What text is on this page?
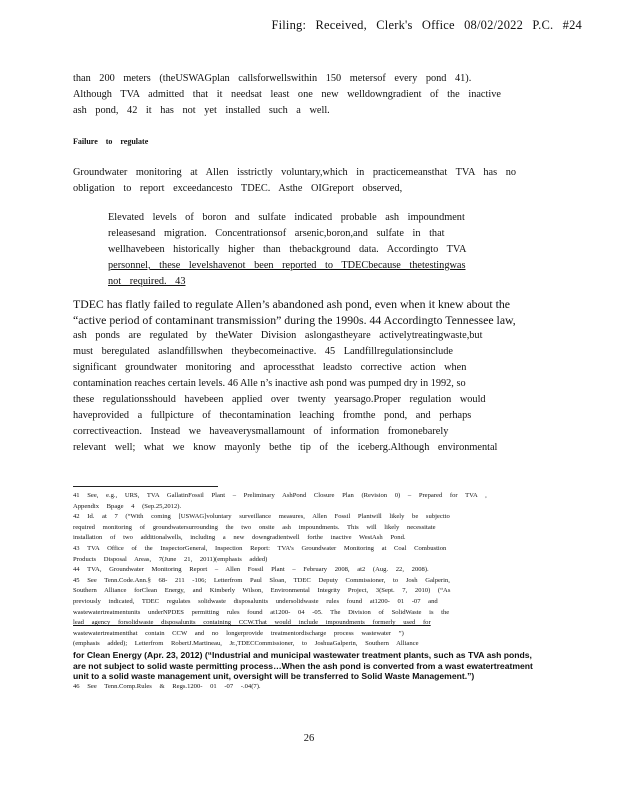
Filing: Received, Clerk's Office 08/02/2022 P.C. #24
than 200 meters (theUSWAGplan callsforwellswithin 150 metersof every pond 41).
Although TVA admitted that it needsat least one new welldowngradient of the inactive
ash pond, 42 it has not yet installed such a well.
Failure to regulate
Groundwater monitoring at Allen isstrictly voluntary,which in practicemeansthat TVA has no
obligation to report exceedancesto TDEC. Asthe OIGreport observed,
Elevated levels of boron and sulfate indicated probable ash impoundment
releasesand migration. Concentrationsof arsenic,boron,and sulfate in that
wellhavebeen historically higher than thebackground data. Accordingto TVA
personnel, these levelshavenot been reported to TDECbecause thetestingwas
not required. 43
TDEC has flatly failed to regulate Allen’s abandoned ash pond, even when it knew about the
“active period of contaminant transmission” during the 1990s. 44 Accordingto Tennessee law,
ash ponds are regulated by theWater Division aslongastheyare activelytreatingwaste,but
must beregulated aslandfillswhen theybecomeinactive. 45 Landfillregulationsinclude
significant groundwater monitoring and aprocessthat leadsto corrective action when
contamination reaches certain levels. 46 Alle n’s inactive ash pond was pumped dry in 1992, so
these regulationsshould havebeen applied over twenty yearsago.Proper regulation would
haveprovided a fullpicture of thecontamination leaching fromthe pond, and perhaps
correctiveaction. Instead we haveaverysmallamount of information fromonebarely
relevant well; what we know mayonly bethe tip of the iceberg.Although environmental
41 See, e.g., URS, TVA GallatinFossil Plant – Preliminary AshPond Closure Plan (Revision 0) – Prepared for TVA ,
Appendix Bpage 4 (Sep.25,2012).
42 Id. at 7 (“With coming [USWAG]voluntary surveillance measures, Allen Fossil Plantwill likely be subjectto
required monitoring of groundwatersurrounding the two onsite ash impoundments. This will likely necessitate
installation of two additionalwells, including a new downgradientwell forthe inactive WestAsh Pond.
43 TVA Office of the InspectorGeneral, Inspection Report: TVA’s Groundwater Monitoring at Coal Combustion
Products Disposal Areas, 7(June 21, 2011)(emphasis added)
44 TVA, Groundwater Monitoring Report – Allen Fossil Plant – February 2008, at2 (Aug. 22, 2008).
45 See Tenn.Code.Ann.§ 68- 211 -106; Letterfrom Paul Sloan, TDEC Deputy Commissioner, to Josh Galperin,
Southern Alliance forClean Energy, and Kimberly Wilson, Environmental Integrity Project, 3(Sept. 7, 2010) (“As
previously indicated, TDEC regulates solidwaste disposalunits undersolidwaste rules found at1200- 01 -07 and
wastewatertreatmentunits underNPDES permitting rules found at1200- 04 -05. The Division of SolidWaste is the
lead agency forsolidwaste disposalunits containing CCW.That would include impoundments formerly used for
wastewatertreatmentthat contain CCW and no longerprovide treatmentordischarge process wastewater ”)
(emphasis added); Letterfrom RobertJ.Martineau, Jr.,TDECCommissioner, to JoshuaGalperin, Southern Alliance
for Clean Energy (Apr. 23, 2012) (“Industrial and municipal wastewater treatment plants, such as TVA ash ponds,
are not subject to solid waste permitting process…When the ash pond is converted from a wast ewatertreatment
unit to a solid waste management unit, oversight will be transferred to Solid Waste Management.”)
46 See Tenn.Comp.Rules & Regs.1200- 01 -07 -.04(7).
26
